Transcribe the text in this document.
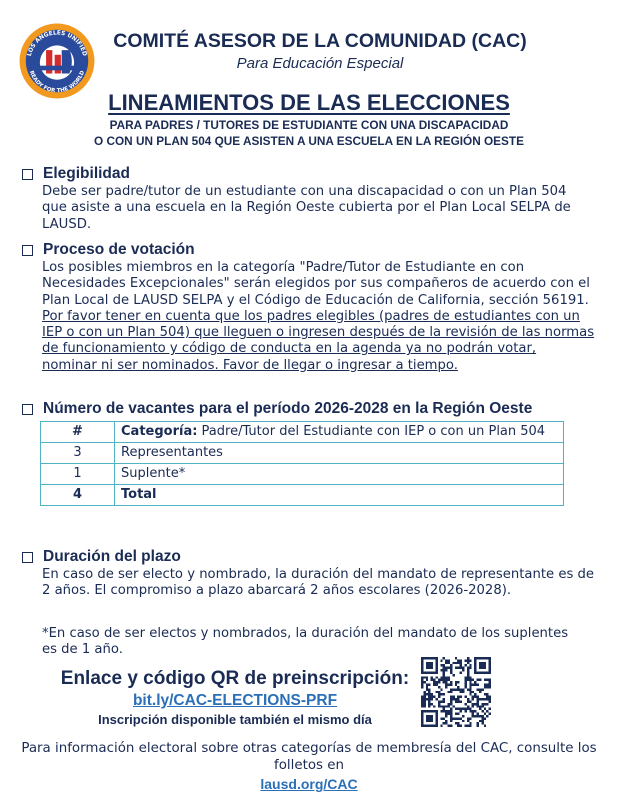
LOS ANGELES UNIFIED
READY FOR THE WORLD
COMITÉ ASESOR DE LA COMUNIDAD (CAC)
Para Educación Especial
LINEAMIENTOS DE LAS ELECCIONES
PARA PADRES / TUTORES DE ESTUDIANTE CON UNA DISCAPACIDAD
O CON UN PLAN 504 QUE ASISTEN A UNA ESCUELA EN LA REGIÓN OESTE
Elegibilidad
Debe ser padre/tutor de un estudiante con una discapacidad o con un Plan 504 que asiste a una escuela en la Región Oeste cubierta por el Plan Local SELPA de LAUSD.
Proceso de votación
Los posibles miembros en la categoría "Padre/Tutor de Estudiante en con Necesidades Excepcionales" serán elegidos por sus compañeros de acuerdo con el Plan Local de LAUSD SELPA y el Código de Educación de California, sección 56191. Por favor tener en cuenta que los padres elegibles (padres de estudiantes con un IEP o con un Plan 504) que lleguen o ingresen después de la revisión de las normas de funcionamiento y código de conducta en la agenda ya no podrán votar, nominar ni ser nominados. Favor de llegar o ingresar a tiempo.
Número de vacantes para el período 2026-2028 en la Región Oeste
#	Categoría: Padre/Tutor del Estudiante con IEP o con un Plan 504
3	Representantes
1	Suplente*
4	Total
Duración del plazo
En caso de ser electo y nombrado, la duración del mandato de representante es de 2 años. El compromiso a plazo abarcará 2 años escolares (2026-2028).
*En caso de ser electos y nombrados, la duración del mandato de los suplentes es de 1 año.
Enlace y código QR de preinscripción:
bit.ly/CAC-ELECTIONS-PRF
Inscripción disponible también el mismo día
Para información electoral sobre otras categorías de membresía del CAC, consulte los folletos en
lausd.org/CAC
